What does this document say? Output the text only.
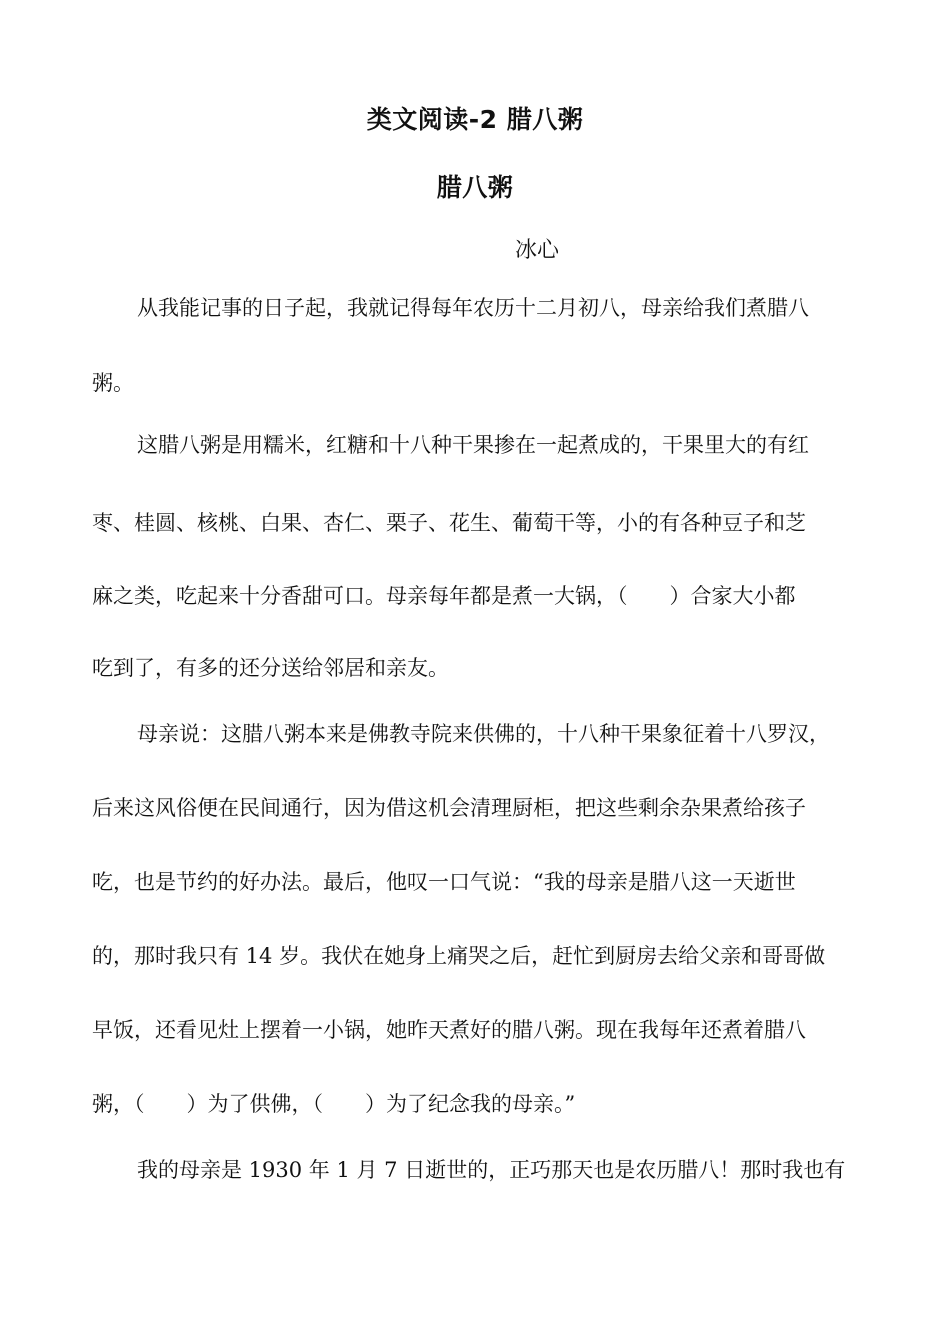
类文阅读-2 腊八粥
腊八粥
冰心
从我能记事的日子起，我就记得每年农历十二月初八，母亲给我们煮腊八
粥。
这腊八粥是用糯米，红糖和十八种干果掺在一起煮成的，干果里大的有红
枣、桂圆、核桃、白果、杏仁、栗子、花生、葡萄干等，小的有各种豆子和芝
麻之类，吃起来十分香甜可口。母亲每年都是煮一大锅，（　　）合家大小都
吃到了，有多的还分送给邻居和亲友。
母亲说：这腊八粥本来是佛教寺院来供佛的，十八种干果象征着十八罗汉，
后来这风俗便在民间通行，因为借这机会清理厨柜，把这些剩余杂果煮给孩子
吃，也是节约的好办法。最后，他叹一口气说：“我的母亲是腊八这一天逝世
的，那时我只有 14 岁。我伏在她身上痛哭之后，赶忙到厨房去给父亲和哥哥做
早饭，还看见灶上摆着一小锅，她昨天煮好的腊八粥。现在我每年还煮着腊八
粥，（　　）为了供佛，（　　）为了纪念我的母亲。”
我的母亲是 1930 年 1 月 7 日逝世的，正巧那天也是农历腊八！那时我也有
